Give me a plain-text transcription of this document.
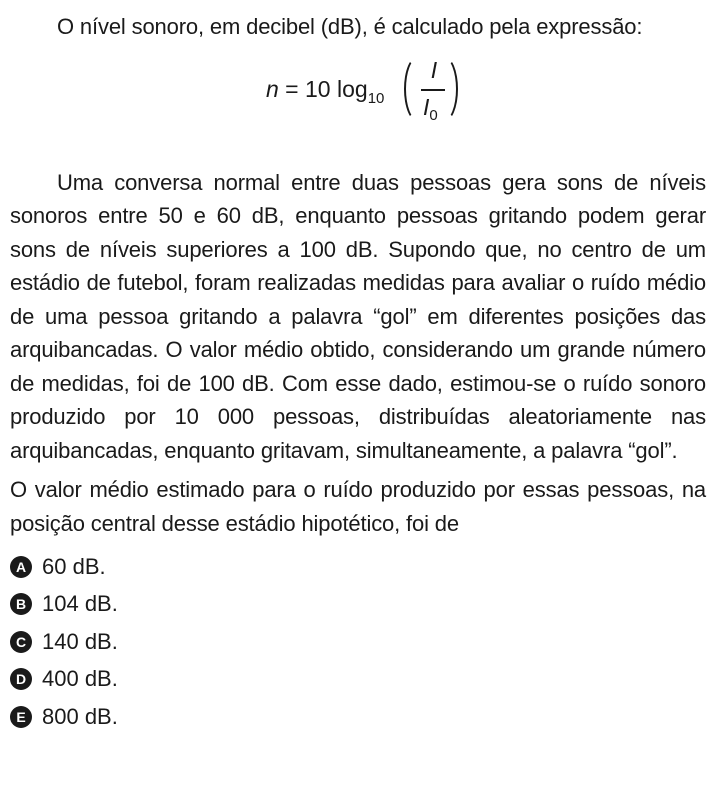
O nível sonoro, em decibel (dB), é calculado pela expressão:

n = 10 $\log_{10}$
I
$I_0$

Uma conversa normal entre duas pessoas gera sons de níveis sonoros entre 50 e 60 dB, enquanto pessoas gritando podem gerar sons de níveis superiores a 100 dB. Supondo que, no centro de um estádio de futebol, foram realizadas medidas para avaliar o ruído médio de uma pessoa gritando a palavra “gol” em diferentes posições das arquibancadas. O valor médio obtido, considerando um grande número de medidas, foi de 100 dB. Com esse dado, estimou-se o ruído sonoro produzido por 10 000 pessoas, distribuídas aleatoriamente nas arquibancadas, enquanto gritavam, simultaneamente, a palavra “gol”.

O valor médio estimado para o ruído produzido por essas pessoas, na posição central desse estádio hipotético, foi de

A 60 dB.
B 104 dB.
C 140 dB.
D 400 dB.
E 800 dB.
